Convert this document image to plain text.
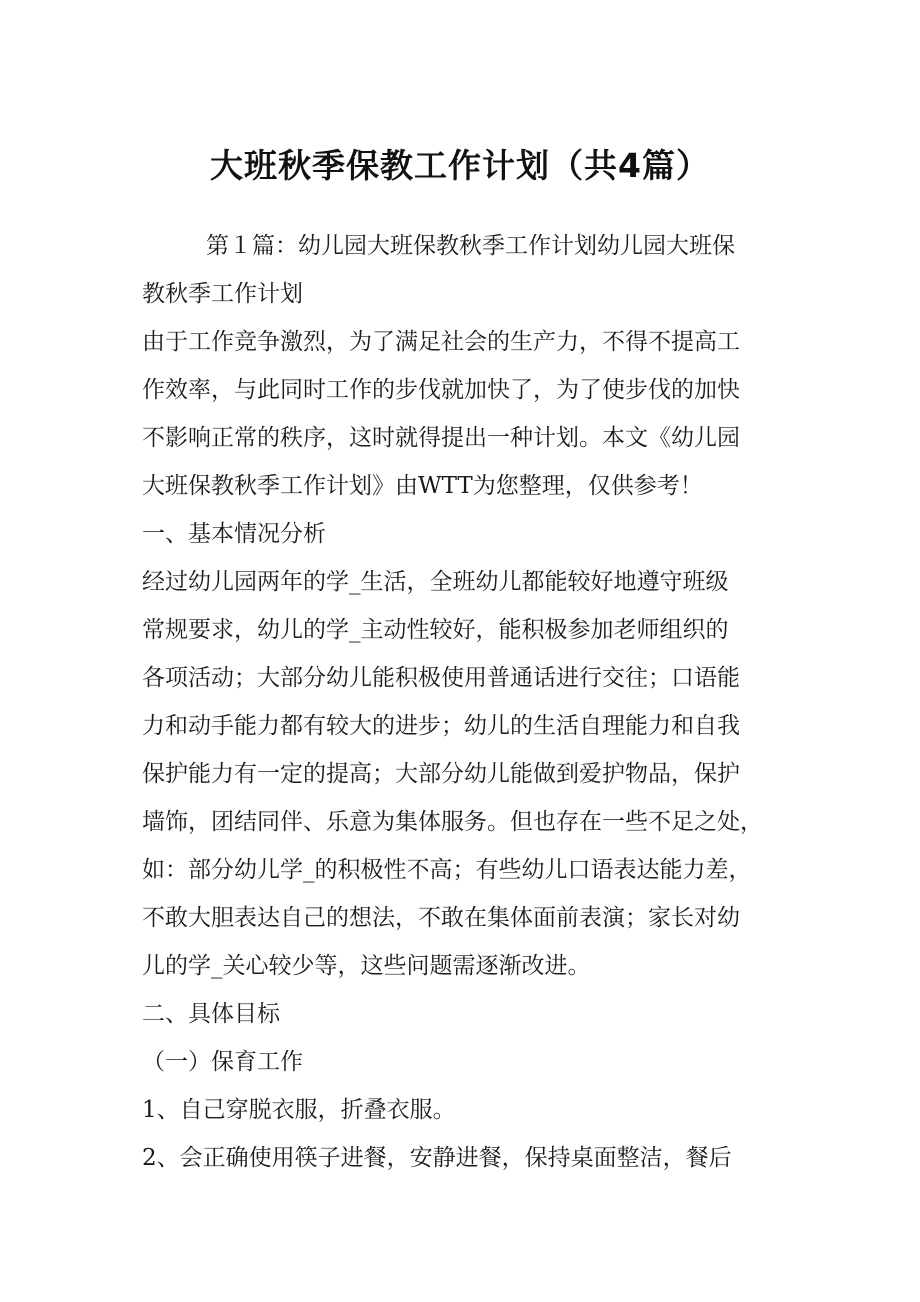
大班秋季保教工作计划（共4篇）
第１篇：幼儿园大班保教秋季工作计划幼儿园大班保
教秋季工作计划
由于工作竞争激烈，为了满足社会的生产力，不得不提高工
作效率，与此同时工作的步伐就加快了，为了使步伐的加快
不影响正常的秩序，这时就得提出一种计划。本文《幼儿园
大班保教秋季工作计划》由WTT为您整理，仅供参考！
一、基本情况分析
经过幼儿园两年的学_生活，全班幼儿都能较好地遵守班级
常规要求，幼儿的学_主动性较好，能积极参加老师组织的
各项活动；大部分幼儿能积极使用普通话进行交往；口语能
力和动手能力都有较大的进步；幼儿的生活自理能力和自我
保护能力有一定的提高；大部分幼儿能做到爱护物品，保护
墙饰，团结同伴、乐意为集体服务。但也存在一些不足之处，
如：部分幼儿学_的积极性不高；有些幼儿口语表达能力差，
不敢大胆表达自己的想法，不敢在集体面前表演；家长对幼
儿的学_关心较少等，这些问题需逐渐改进。
二、具体目标
（一）保育工作
1、自己穿脱衣服，折叠衣服。
2、会正确使用筷子进餐，安静进餐，保持桌面整洁，餐后
